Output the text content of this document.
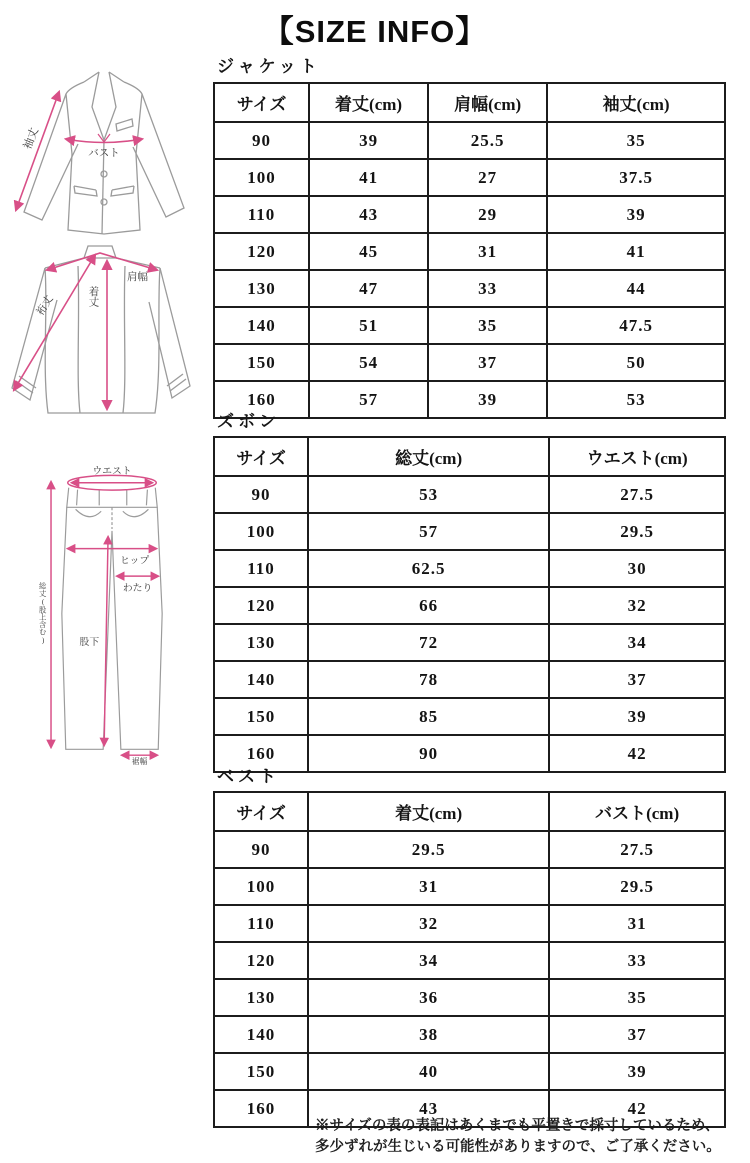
【SIZE INFO】
袖丈
バスト
肩幅
着丈
裄丈
ウエスト
ヒップ
わたり
股下
総丈(股上含む)
裾幅
ジャケット
サイズ	着丈(cm)	肩幅(cm)	袖丈(cm)
90	39	25.5	35
100	41	27	37.5
110	43	29	39
120	45	31	41
130	47	33	44
140	51	35	47.5
150	54	37	50
160	57	39	53
ズボン
サイズ	総丈(cm)	ウエスト(cm)
90	53	27.5
100	57	29.5
110	62.5	30
120	66	32
130	72	34
140	78	37
150	85	39
160	90	42
ベスト
サイズ	着丈(cm)	バスト(cm)
90	29.5	27.5
100	31	29.5
110	32	31
120	34	33
130	36	35
140	38	37
150	40	39
160	43	42
※サイズの表の表記はあくまでも平置きで採寸しているため、
多少ずれが生じいる可能性がありますので、ご了承ください。
